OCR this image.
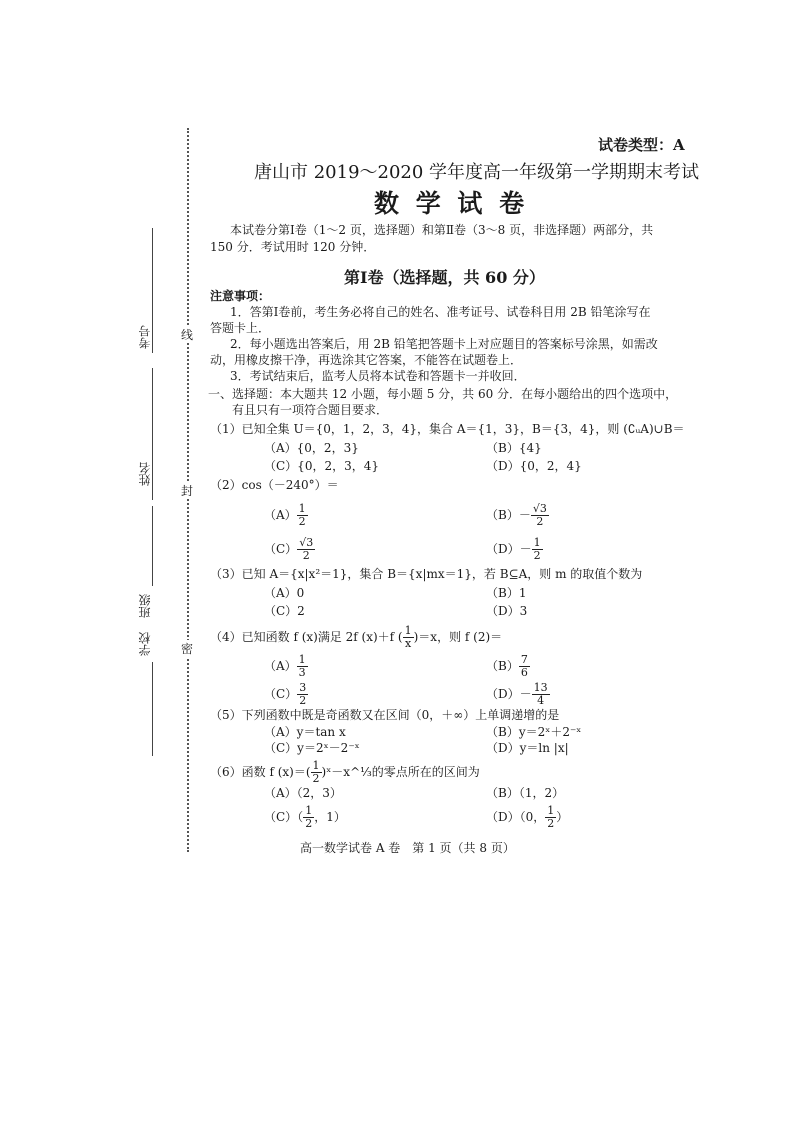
考号
姓名
班级
学校
线
封
密
试卷类型：A
唐山市 2019～2020 学年度高一年级第一学期期末考试
数 学 试 卷
本试卷分第Ⅰ卷（1～2 页，选择题）和第Ⅱ卷（3～8 页，非选择题）两部分，共
150 分．考试用时 120 分钟．
第Ⅰ卷（选择题，共 60 分）
注意事项：
1．答第Ⅰ卷前，考生务必将自己的姓名、准考证号、试卷科目用 2B 铅笔涂写在
答题卡上．
2．每小题选出答案后，用 2B 铅笔把答题卡上对应题目的答案标号涂黑，如需改
动，用橡皮擦干净，再选涂其它答案，不能答在试题卷上．
3．考试结束后，监考人员将本试卷和答题卡一并收回．
一、选择题：本大题共 12 小题，每小题 5 分，共 60 分．在每小题给出的四个选项中，
有且只有一项符合题目要求．
（1）已知全集 U＝{0，1，2，3，4}，集合 A＝{1，3}，B＝{3，4}，则 (∁ᵤA)∪B＝
（A）{0，2，3}	（B）{4}
（C）{0，2，3，4}	（D）{0，2，4}
（2）cos（－240°）＝
$(A) \frac{1}{2}$	$(B)- \frac{√3}{2}$
$(C) \frac{√3}{2}$	$(D)- \frac{1}{2}$
（3）已知 A＝{x|x²＝1}，集合 B＝{x|mx＝1}，若 B⊆A，则 m 的取值个数为
（A）0	（B）1
（C）2	（D）3
（4）已知函数 f (x)满足 2f (x)＋f ( $\frac{1}{x} )=x$，则 f (2)＝
$(A) \frac{1}{3}$	$(B) \frac{7}{6}$
$(C) \frac{3}{2}$	$(D)- \frac{13}{4}$
（5）下列函数中既是奇函数又在区间（0，＋∞）上单调递增的是
（A）y＝tan x	（B）y＝2ˣ＋2⁻ˣ
（C）y＝2ˣ－2⁻ˣ	（D）y＝ln |x|
（6）函数 f $(x)=( \frac{1}{2}$ )ˣ－x^⅓的零点所在的区间为
（A）（2，3）	（B）（1，2）
$(C)( \frac{1}{2}$ ，1）	（D）（0， $\frac{1}{2}$ ）
高一数学试卷 A 卷　第 1 页（共 8 页）
